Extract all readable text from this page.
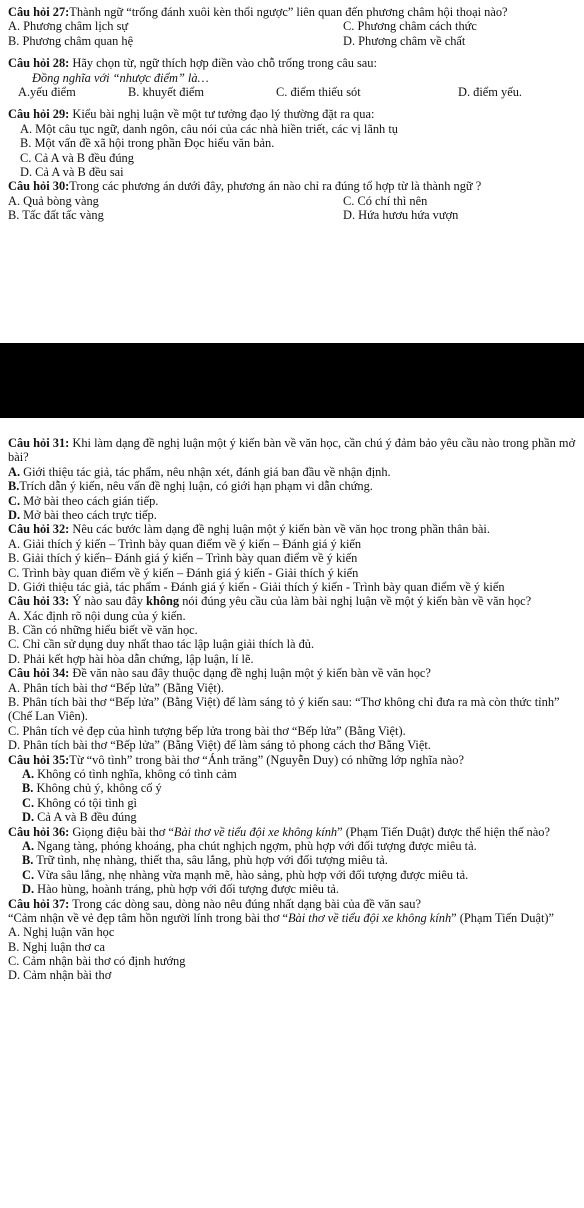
Câu hỏi 27:Thành ngữ “trống đánh xuôi kèn thổi ngược” liên quan đến phương châm hội thoại nào?

A. Phương châm lịch sự	C. Phương châm cách thức
B. Phương châm quan hệ	D. Phương châm về chất

Câu hỏi 28: Hãy chọn từ, ngữ thích hợp điền vào chỗ trống trong câu sau:

Đồng nghĩa với “nhược điểm” là…

A.yếu điểm	B. khuyết điểm	C. điểm thiếu sót	D. điểm yếu.

Câu hỏi 29: Kiểu bài nghị luận về một tư tưởng đạo lý thường đặt ra qua:

A. Một câu tục ngữ, danh ngôn, câu nói của các nhà hiền triết, các vị lãnh tụ

B. Một vấn đề xã hội trong phần Đọc hiểu văn bản.

C. Cả A và B đều đúng

D. Cả A và B đều sai

Câu hỏi 30:Trong các phương án dưới đây, phương án nào chỉ ra đúng tổ hợp từ là thành ngữ ?

A. Quả bòng vàng	C. Có chí thì nên
B. Tấc đất tấc vàng	D. Hứa hươu hứa vượn

Câu hỏi 31: Khi làm dạng đề nghị luận một ý kiến bàn về văn học, cần chú ý đảm bảo yêu cầu nào trong phần mở bài?

A. Giới thiệu tác giả, tác phẩm, nêu nhận xét, đánh giá ban đầu về nhận định.

B.Trích dẫn ý kiến, nêu vấn đề nghị luận, có giới hạn phạm vi dẫn chứng.

C. Mở bài theo cách gián tiếp.

D. Mở bài theo cách trực tiếp.

Câu hỏi 32: Nêu các bước làm dạng đề nghị luận một ý kiến bàn về văn học trong phần thân bài.

A. Giải thích ý kiến – Trình bày quan điểm về ý kiến – Đánh giá ý kiến

B. Giải thích ý kiến– Đánh giá ý kiến – Trình bày quan điểm về ý kiến

C. Trình bày quan điểm về ý kiến – Đánh giá ý kiến - Giải thích ý kiến

D. Giới thiệu tác giả, tác phẩm - Đánh giá ý kiến - Giải thích ý kiến - Trình bày quan điểm về ý kiến

Câu hỏi 33: Ý nào sau đây không nói đúng yêu cầu của làm bài nghị luận về một ý kiến bàn về văn học?

A. Xác định rõ nội dung của ý kiến.

B. Cần có những hiểu biết về văn học.

C. Chỉ cần sử dụng duy nhất thao tác lập luận giải thích là đủ.

D. Phải kết hợp hài hòa dẫn chứng, lập luận, lí lẽ.

Câu hỏi 34: Đề văn nào sau đây thuộc dạng đề nghị luận một ý kiến bàn về văn học?

A. Phân tích bài thơ “Bếp lửa” (Bằng Việt).

B. Phân tích bài thơ “Bếp lửa” (Bằng Việt) để làm sáng tỏ ý kiến sau: “Thơ không chỉ đưa ra mà còn thức tỉnh” (Chế Lan Viên).

C. Phân tích vẻ đẹp của hình tượng bếp lửa trong bài thơ “Bếp lửa” (Bằng Việt).

D. Phân tích bài thơ “Bếp lửa” (Bằng Việt) để làm sáng tỏ phong cách thơ Bằng Việt.

Câu hỏi 35:Từ “vô tình” trong bài thơ “Ánh trăng” (Nguyễn Duy) có những lớp nghĩa nào?

A. Không có tình nghĩa, không có tình cảm

B. Không chủ ý, không cố ý

C. Không có tội tình gì

D. Cả A và B đều đúng

Câu hỏi 36: Giọng điệu bài thơ “Bài thơ về tiểu đội xe không kính” (Phạm Tiến Duật) được thể hiện thế nào?

A. Ngang tàng, phóng khoáng, pha chút nghịch ngợm, phù hợp với đối tượng được miêu tả.

B. Trữ tình, nhẹ nhàng, thiết tha, sâu lắng, phù hợp với đối tượng miêu tả.

C. Vừa sâu lắng, nhẹ nhàng vừa mạnh mẽ, hào sảng, phù hợp với đối tượng được miêu tả.

D. Hào hùng, hoành tráng, phù hợp với đối tượng được miêu tả.

Câu hỏi 37: Trong các dòng sau, dòng nào nêu đúng nhất dạng bài của đề văn sau?

“Cảm nhận về vẻ đẹp tâm hồn người lính trong bài thơ “Bài thơ về tiểu đội xe không kính” (Phạm Tiến Duật)”

A. Nghị luận văn học

B. Nghị luận thơ ca

C. Cảm nhận bài thơ có định hướng

D. Cảm nhận bài thơ
